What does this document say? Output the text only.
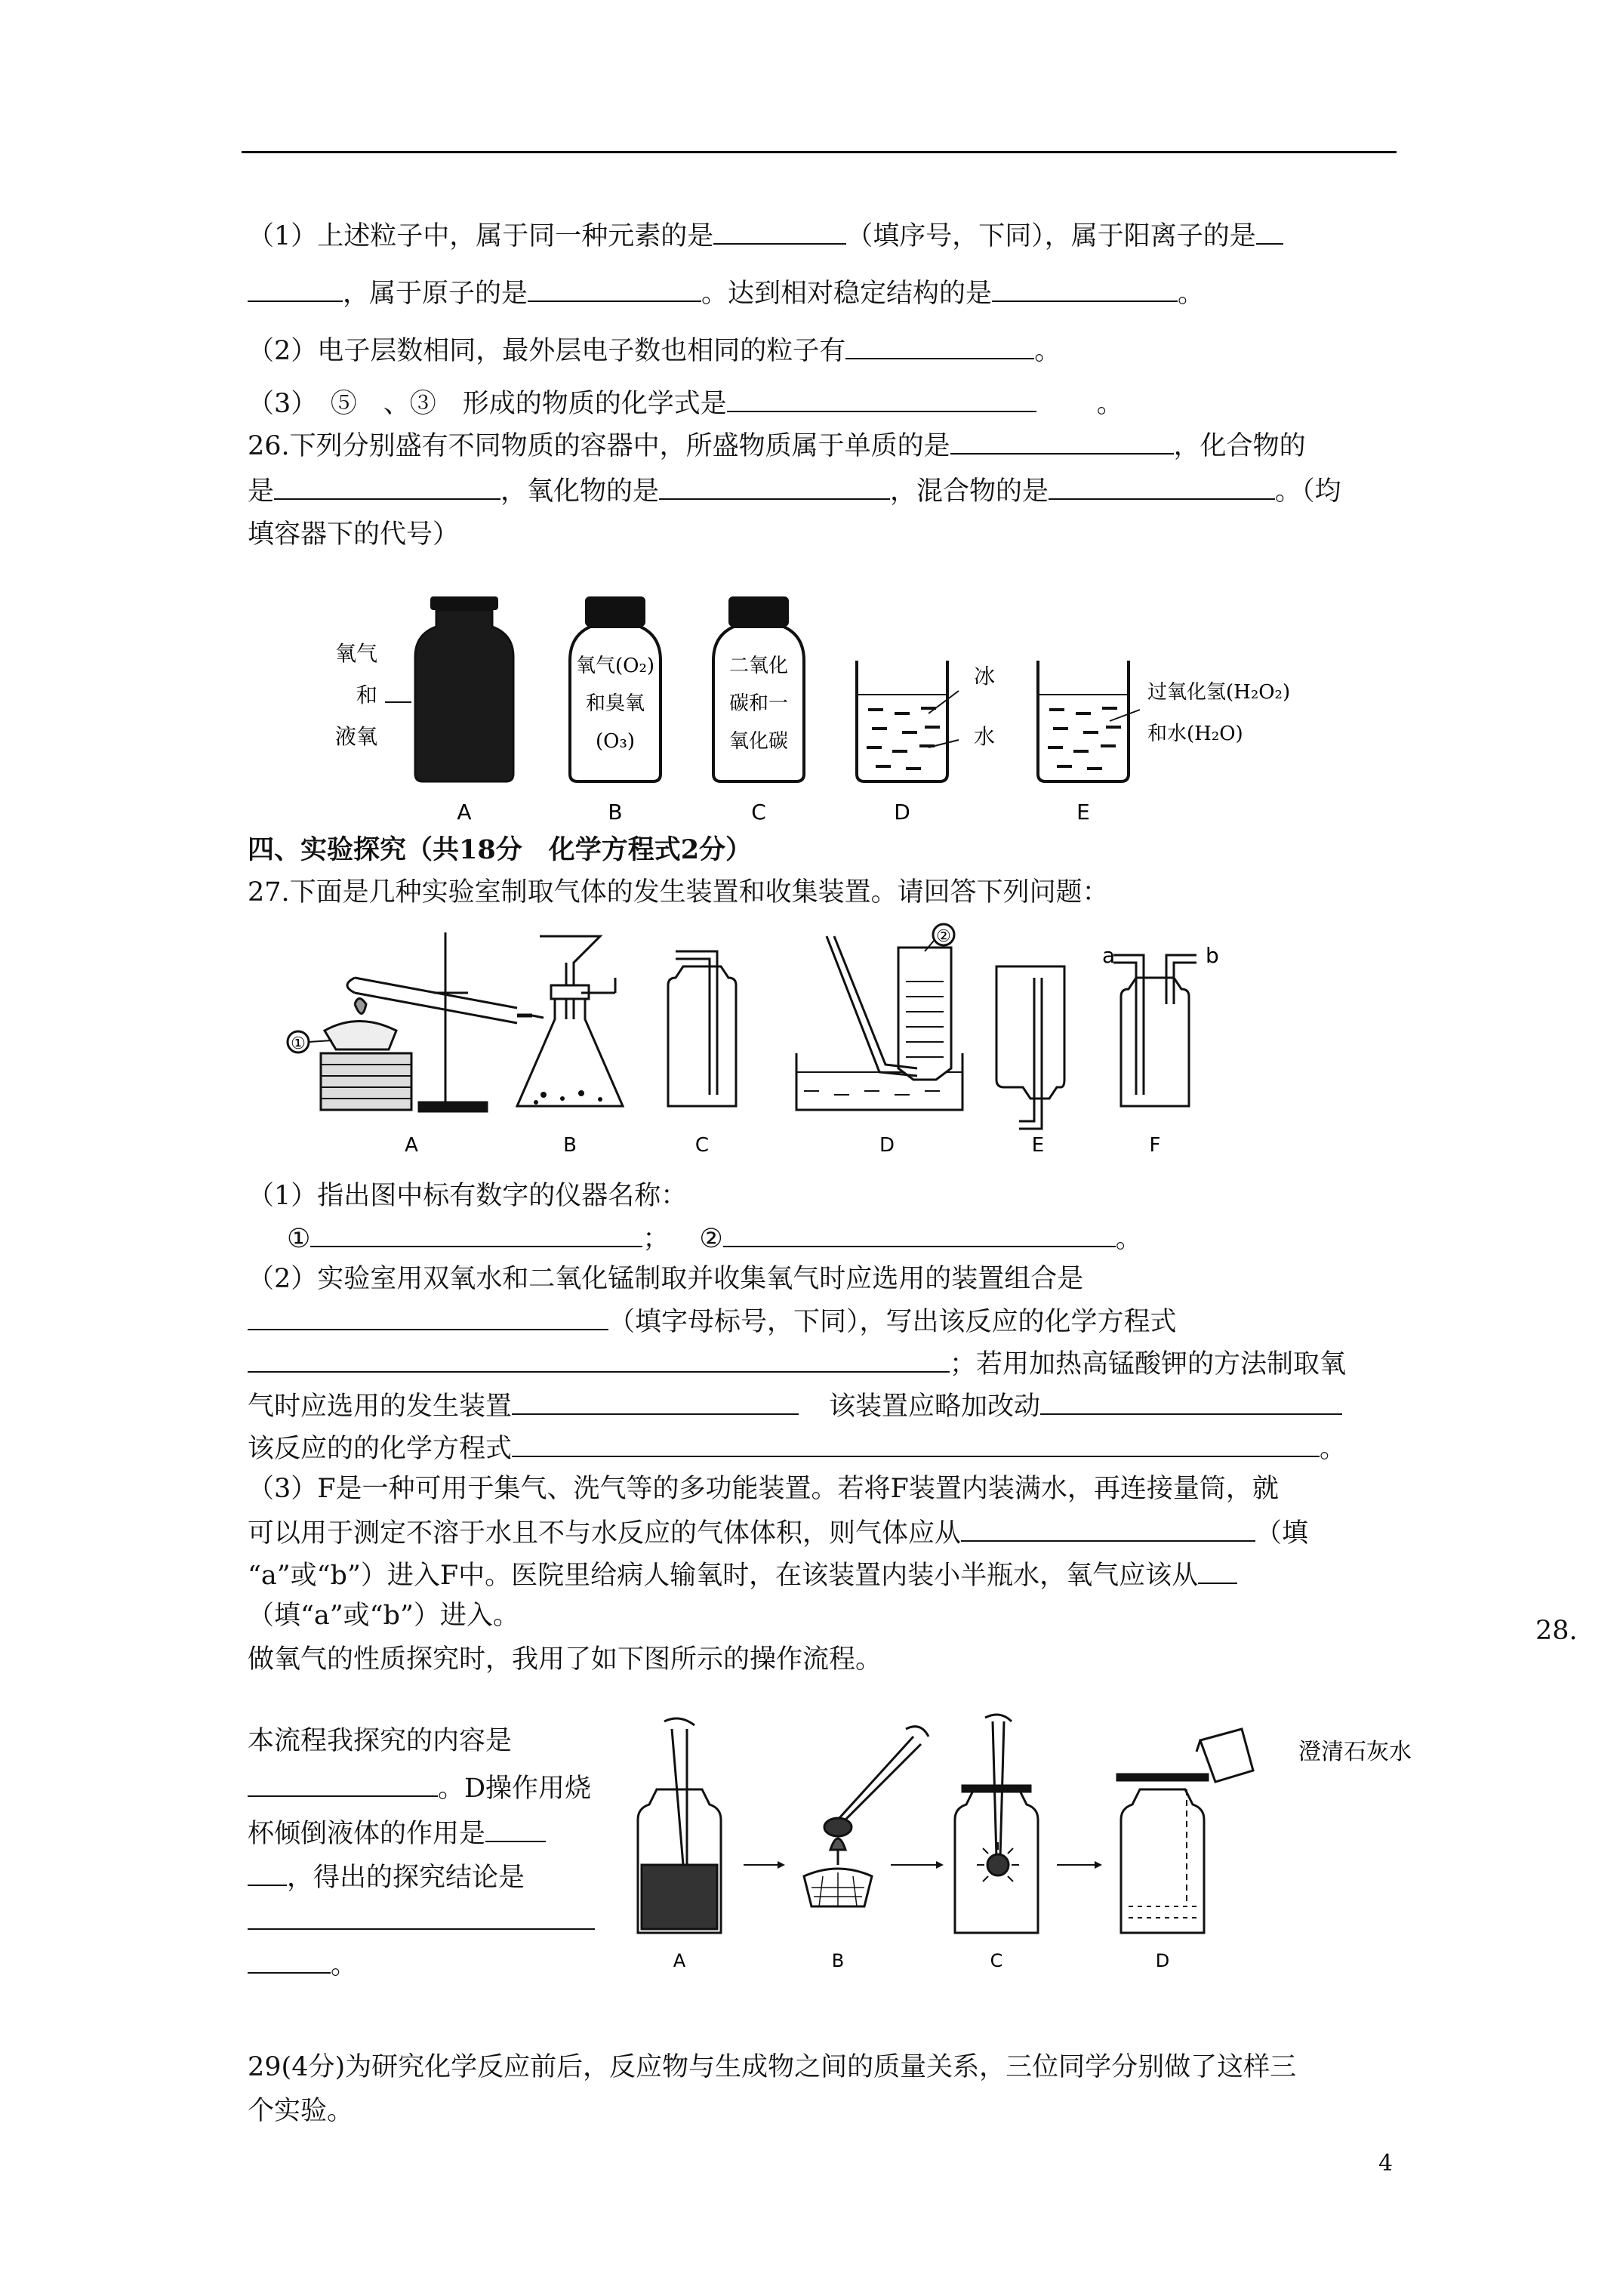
（1）上述粒子中，属于同一种元素的是	（填序号，下同），属于阳离子的是
，属于原子的是	。达到相对稳定结构的是	。
（2）电子层数相同，最外层电子数也相同的粒子有	。
（3）　⑤　、③　形成的物质的化学式是	。
26.下列分别盛有不同物质的容器中，所盛物质属于单质的是	，化合物的
是	，氧化物的是	，混合物的是	。（均
填容器下的代号）
氧气
和
液氧
A
氧气(O₂)
和臭氧
(O₃)
B
二氧化
碳和一
氧化碳
C
冰
水
D
过氧化氢(H₂O₂)
和水(H₂O)
E
四、实验探究（共18分　化学方程式2分）
27.下面是几种实验室制取气体的发生装置和收集装置。请回答下列问题：
①
A	B	C
②
D	E
a	b
F
（1）指出图中标有数字的仪器名称：
①	； ②	。
（2）实验室用双氧水和二氧化锰制取并收集氧气时应选用的装置组合是
（填字母标号，下同），写出该反应的化学方程式
；若用加热高锰酸钾的方法制取氧
气时应选用的发生装置	该装置应略加改动
该反应的的化学方程式	。
（3）F是一种可用于集气、洗气等的多功能装置。若将F装置内装满水，再连接量筒，就
可以用于测定不溶于水且不与水反应的气体体积，则气体应从	（填
“a”或“b”）进入F中。医院里给病人输氧时，在该装置内装小半瓶水，氧气应该从
（填“a”或“b”）进入。	28.
做氧气的性质探究时，我用了如下图所示的操作流程。
本流程我探究的内容是
。D操作用烧
杯倾倒液体的作用是
，得出的探究结论是
。	A	B	C
澄清石灰水
D
29(4分)为研究化学反应前后，反应物与生成物之间的质量关系，三位同学分别做了这样三
个实验。
4
